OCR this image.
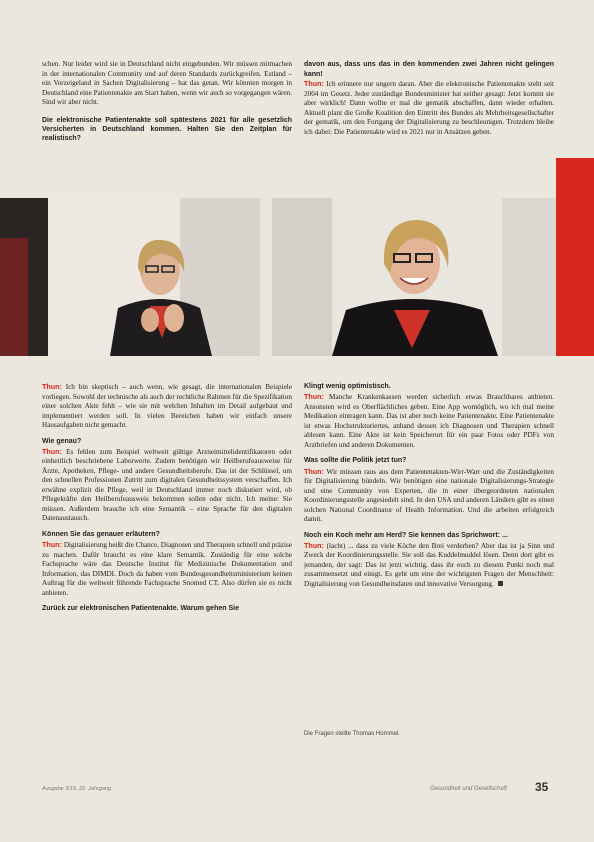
schen. Nur leider wird sie in Deutschland nicht eingebunden. Wir müssen mitmachen in der internationalen Community und auf deren Standards zurückgreifen. Estland – ein Vorzeigeland in Sachen Digitalisierung – hat das getan. Wir könnten morgen in Deutschland eine Patientenakte am Start haben, wenn wir auch so vorgegangen wären. Sind wir aber nicht.

Die elektronische Patientenakte soll spätestens 2021 für alle gesetzlich Versicherten in Deutschland kommen. Halten Sie den Zeitplan für realistisch?

davon aus, dass uns das in den kommenden zwei Jahren nicht gelingen kann!

Thun: Ich erinnere nur ungern daran. Aber die elektronische Patientenakte steht seit 2004 im Gesetz. Jeder zuständige Bundesminister hat seither gesagt: Jetzt kommt sie aber wirklich! Dann wollte er mal die gematik abschaffen, dann wieder erhalten. Aktuell plant die Große Koalition den Eintritt des Bundes als Mehrheitsgesellschafter der gematik, um den Fortgang der Digitalisierung zu beschleunigen. Trotzdem bleibe ich dabei: Die Patientenakte wird es 2021 nur in Ansätzen geben.

Thun: Ich bin skeptisch – auch wenn, wie gesagt, die internationalen Beispiele vorliegen. Sowohl der technische als auch der rechtliche Rahmen für die Spezifikation einer solchen Akte fehlt – wie sie mit welchen Inhalten im Detail aufgebaut und implementiert werden soll. In vielen Bereichen haben wir einfach unsere Hausaufgaben nicht gemacht.

Wie genau?

Thun: Es fehlen zum Beispiel weltweit gültige Arzneimittelidentifikatoren oder einheitlich beschriebene Laborwerte. Zudem benötigen wir Heilberufeausweise für Ärzte, Apotheken, Pflege- und andere Gesundheitsberufe. Das ist der Schlüssel, um den schnellen Professionen Zutritt zum digitalen Gesundheitssystem verschaffen. Ich erwähne explizit die Pflege, weil in Deutschland immer noch diskutiert wird, ob Pflegekräfte den Heilberufeausweis bekommen sollen oder nicht. Ich meine: Sie müssen. Außerdem brauche ich eine Semantik – eine Sprache für den digitalen Datenaustausch.

Können Sie das genauer erläutern?

Thun: Digitalisierung heißt die Chance, Diagnosen und Therapien schnell und präzise zu machen. Dafür braucht es eine klare Semantik. Zuständig für eine solche Fachsprache wäre das Deutsche Institut für Medizinische Dokumentation und Information, das DIMDI. Doch da haben vom Bundesgesundheitsministerium keinen Auftrag für die weltweit führende Fachsprache Snomed CT. Also dürfen sie es nicht anbieten.

Zurück zur elektronischen Patientenakte. Warum gehen Sie
Klingt wenig optimistisch.

Thun: Manche Krankenkassen werden sicherlich etwas Brauchbares anbieten. Ansonsten wird es Oberflächliches geben. Eine App womöglich, wo ich mal meine Medikation eintragen kann. Das ist aber noch keine Patientenakte. Eine Patientenakte ist etwas Hochstrukturiertes, anhand dessen ich Diagnosen und Therapien schnell ablesen kann. Eine Akte ist kein Speicherort für ein paar Fotos oder PDFs von Arztbriefen und anderen Dokumenten.

Was sollte die Politik jetzt tun?

Thun: Wir müssen raus aus dem Patientenakten-Wirr-Warr und die Zuständigkeiten für Digitalisierung bündeln. Wir benötigen eine nationale Digitalisierungs-Strategie und eine Community von Experten, die in einer übergeordneten nationalen Koordinierungsstelle angesiedelt sind. In den USA und anderen Ländern gibt es einen solchen National Coordinator of Health Information. Und die arbeiten erfolgreich damit.

Noch ein Koch mehr am Herd? Sie kennen das Sprichwort: ...

Thun: (lacht) ... dass zu viele Köche den Brei verderben? Aber das ist ja Sinn und Zweck der Koordinierungsstelle. Sie soll das Kuddelmuddel lösen. Denn dort gibt es jemanden, der sagt: Das ist jetzt wichtig, dass ihr euch zu diesem Punkt noch mal zusammensetzt und einigt. Es geht um eine der wichtigsten Fragen der Menschheit: Digitalisierung von Gesundheitsdaten und innovative Versorgung.

Die Fragen stellte Thomas Hommel.
Ausgabe 3/19, 22. Jahrgang	Gesundheit und Gesellschaft 35
